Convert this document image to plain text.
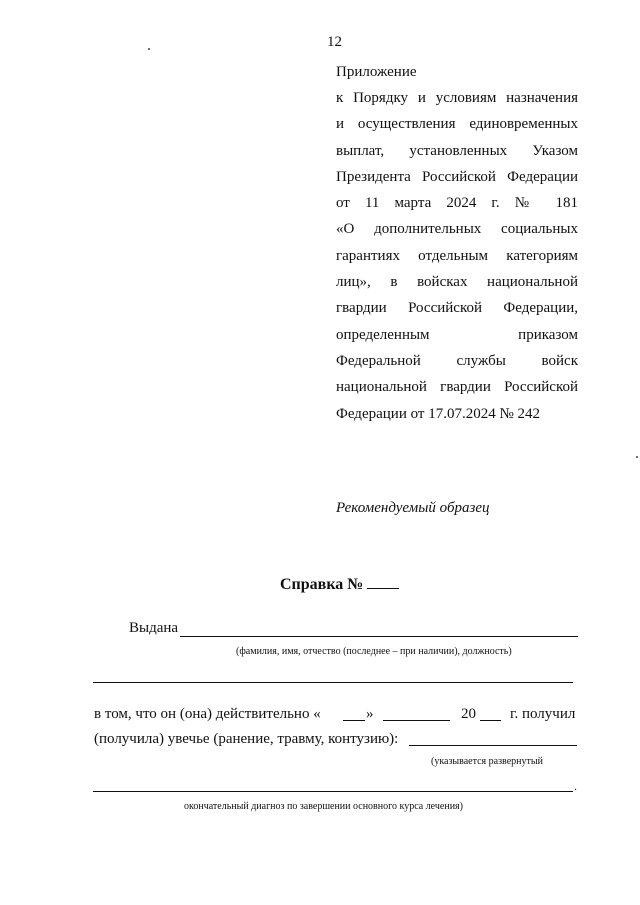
12
Приложение
к Порядку и условиям назначения
и осуществления единовременных
выплат, установленных Указом
Президента Российской Федерации
от 11 марта 2024 г. № 181
«О дополнительных социальных
гарантиях отдельным категориям
лиц», в войсках национальной
гвардии Российской Федерации,
определенным приказом
Федеральной службы войск
национальной гвардии Российской
Федерации от 17.07.2024 № 242
Рекомендуемый образец
Справка №
Выдана
(фамилия, имя, отчество (последнее – при наличии), должность)
в том, что он (она) действительно «	»	20 г. получил
(получила) увечье (ранение, травму, контузию):
(указывается развернутый
.
окончательный диагноз по завершении основного курса лечения)
